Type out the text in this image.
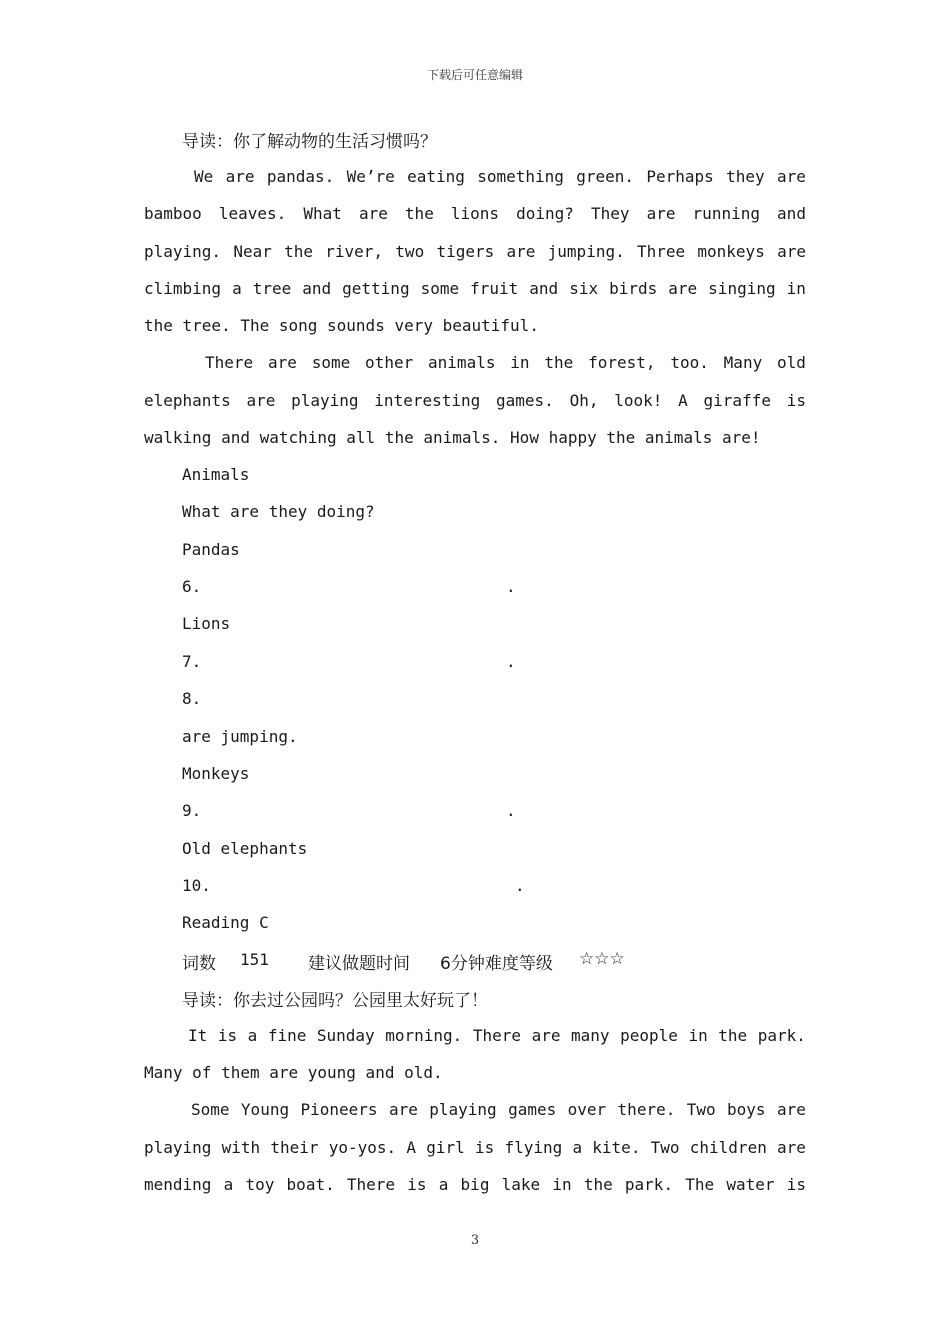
下载后可任意编辑
导读：你了解动物的生活习惯吗？
We are pandas. We’re eating something green. Perhaps they are
bamboo leaves. What are the lions doing? They are running and
playing. Near the river, two tigers are jumping. Three monkeys are
climbing a tree and getting some fruit and six birds are singing in
the tree. The song sounds very beautiful.
There are some other animals in the forest, too. Many old
elephants are playing interesting games. Oh, look! A giraffe is
walking and watching all the animals. How happy the animals are!
Animals
What are they doing?
Pandas
6.	.
Lions
7.	.
8.
are jumping.
Monkeys
9.	.
Old elephants
10.	.
Reading C
词数 151 建议做题时间 6分钟难度等级 ☆☆☆
导读：你去过公园吗？公园里太好玩了！
It is a fine Sunday morning. There are many people in the park.
Many of them are young and old.
Some Young Pioneers are playing games over there. Two boys are
playing with their yo-yos. A girl is flying a kite. Two children are
mending a toy boat. There is a big lake in the park. The water is
3
